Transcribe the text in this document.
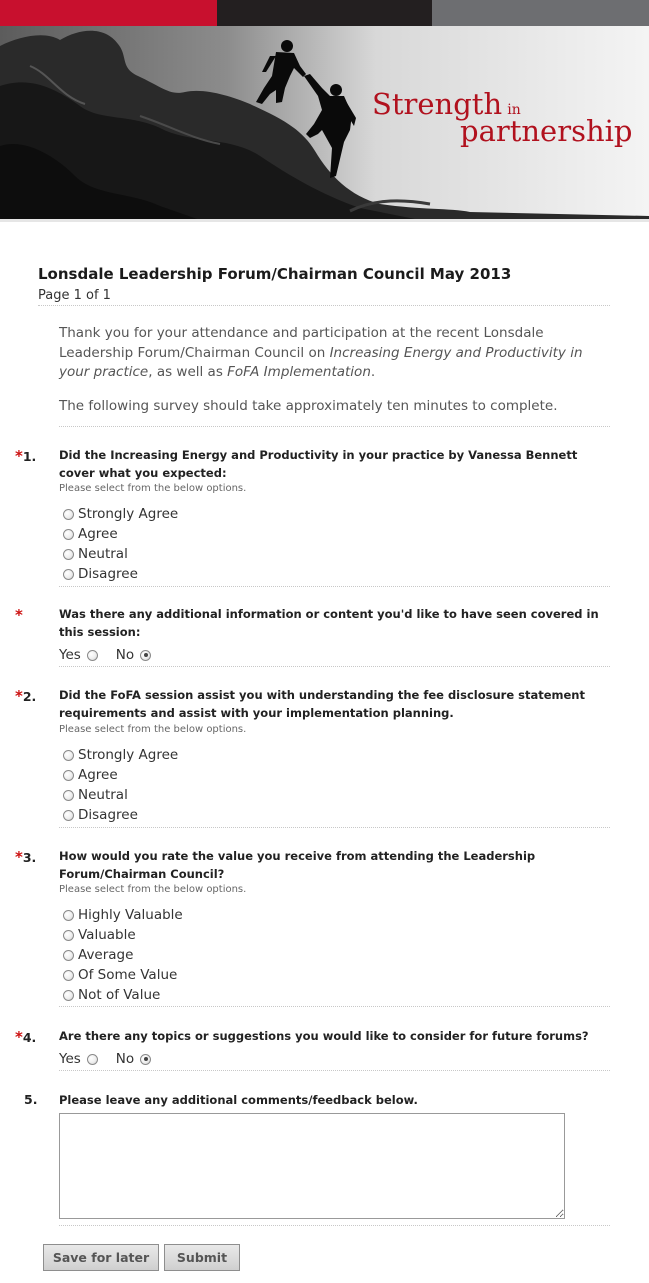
Strength in
partnership
Lonsdale Leadership Forum/Chairman Council May 2013
Page 1 of 1

Thank you for your attendance and participation at the recent Lonsdale Leadership Forum/Chairman Council on Increasing Energy and Productivity in your practice, as well as FoFA Implementation.

The following survey should take approximately ten minutes to complete.

*1.	Did the Increasing Energy and Productivity in your practice by Vanessa Bennett cover what you expected:
Please select from the below options.
Strongly Agree
Agree
Neutral
Disagree
*	Was there any additional information or content you'd like to have seen covered in this session:
Yes	No
*2.	Did the FoFA session assist you with understanding the fee disclosure statement requirements and assist with your implementation planning.
Please select from the below options.
Strongly Agree
Agree
Neutral
Disagree
*3.	How would you rate the value you receive from attending the Leadership Forum/Chairman Council?
Please select from the below options.
Highly Valuable
Valuable
Average
Of Some Value
Not of Value
*4.	Are there any topics or suggestions you would like to consider for future forums?
Yes	No
5.	Please leave any additional comments/feedback below.
Save for later	Submit
